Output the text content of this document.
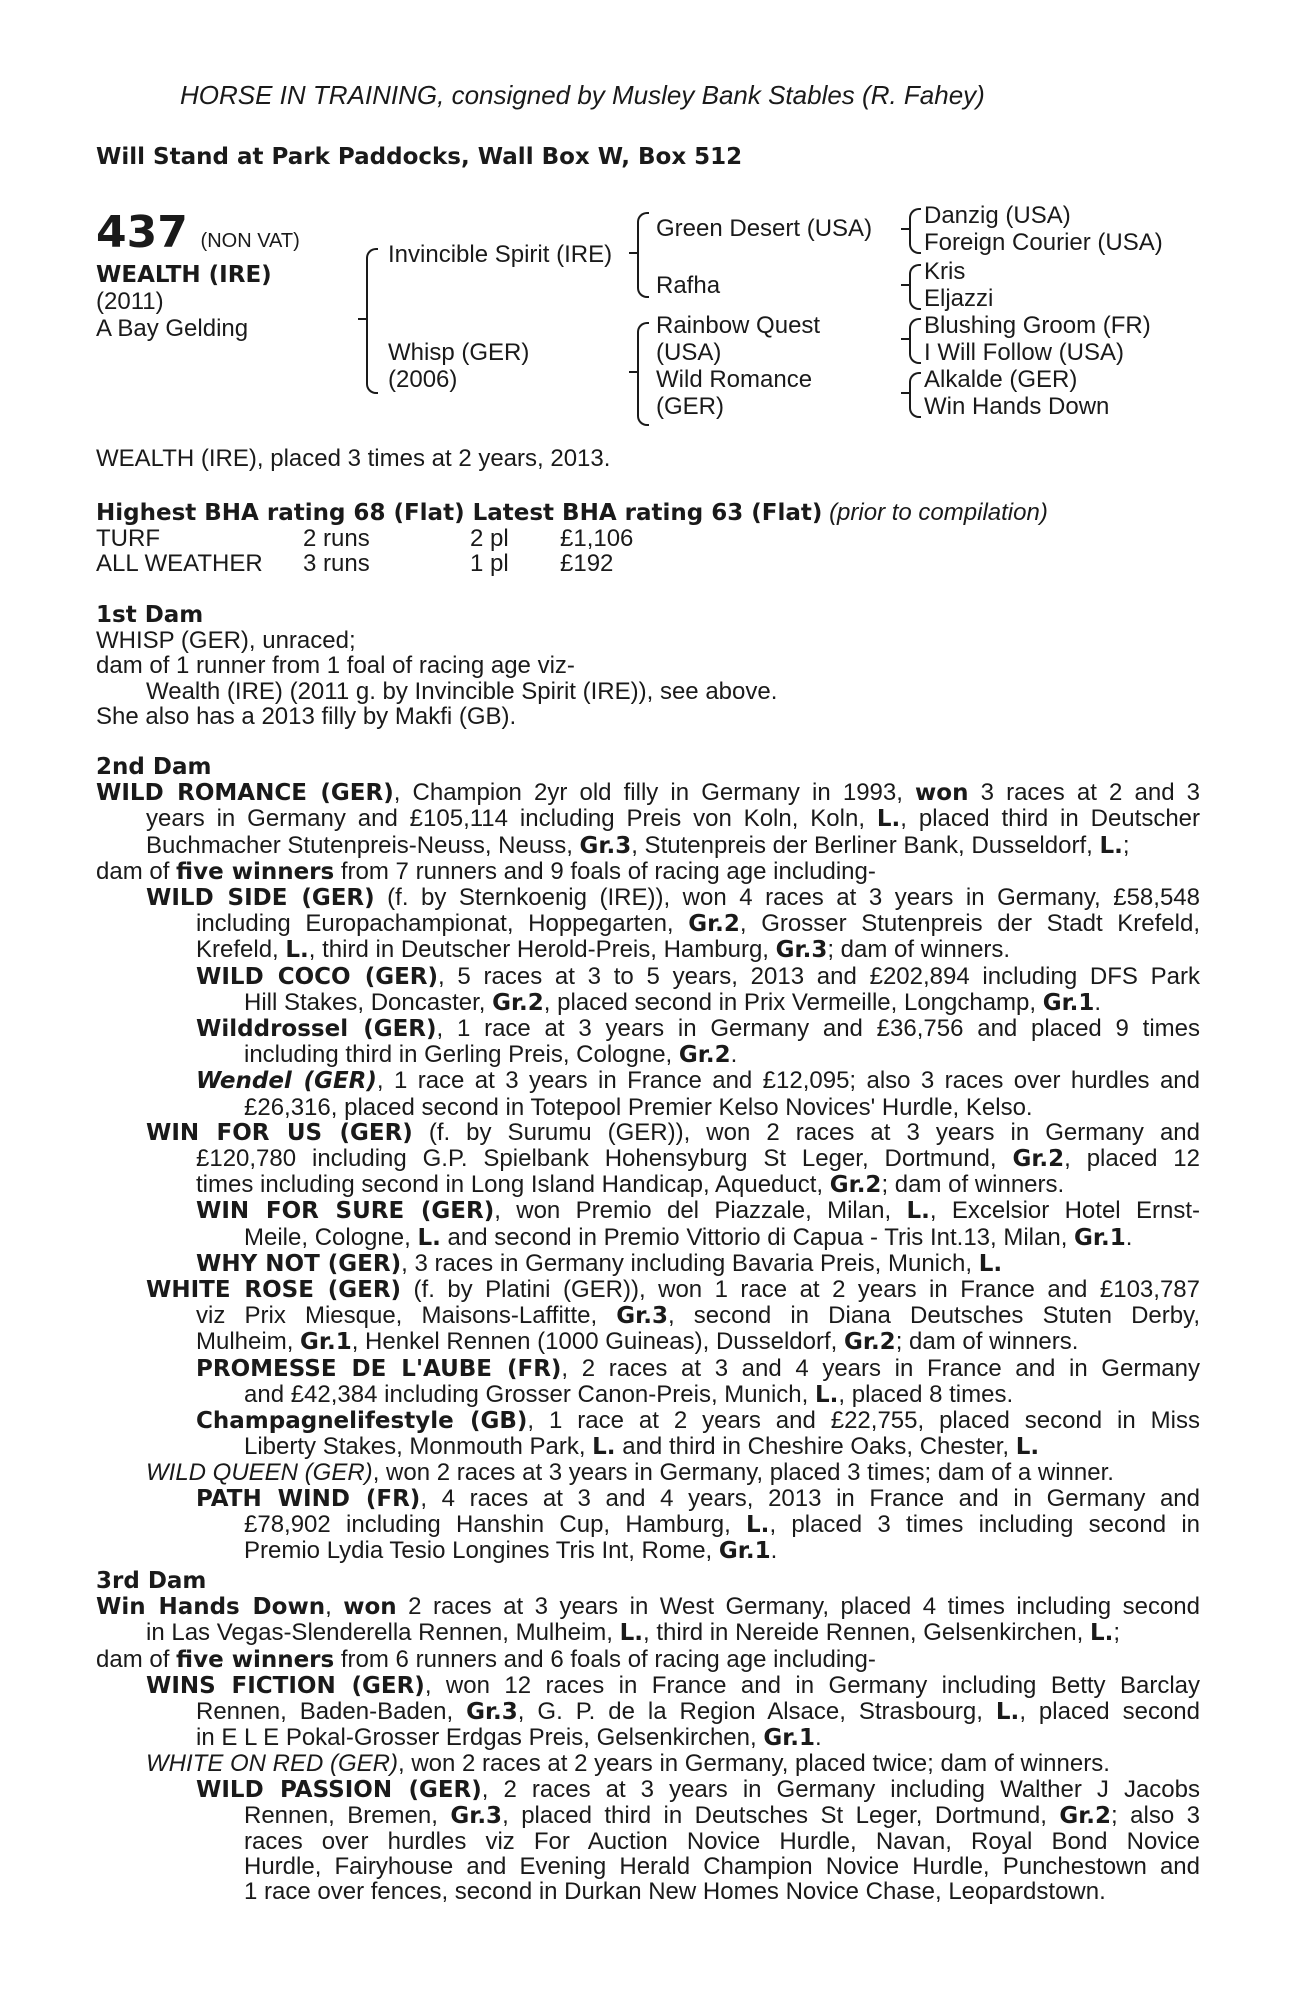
HORSE IN TRAINING, consigned by Musley Bank Stables (R. Fahey)
Will Stand at Park Paddocks, Wall Box W, Box 512
437 (NON VAT)
WEALTH (IRE)
(2011)
A Bay Gelding
Invincible Spirit (IRE)
Whisp (GER)
(2006)
Green Desert (USA)
Rafha
Rainbow Quest
(USA)
Wild Romance
(GER)
Danzig (USA)
Foreign Courier (USA)
Kris
Eljazzi
Blushing Groom (FR)
I Will Follow (USA)
Alkalde (GER)
Win Hands Down
WEALTH (IRE), placed 3 times at 2 years, 2013.
Highest BHA rating 68 (Flat) Latest BHA rating 63 (Flat) (prior to compilation)
TURF	2 runs	2 pl £1,106
ALL WEATHER 3 runs	1 pl £192
1st Dam
WHISP (GER), unraced;
dam of 1 runner from 1 foal of racing age viz-
Wealth (IRE) (2011 g. by Invincible Spirit (IRE)), see above.
She also has a 2013 filly by Makfi (GB).
2nd Dam
WILD ROMANCE (GER), Champion 2yr old filly in Germany in 1993, won 3 races at 2 and 3
years in Germany and £105,114 including Preis von Koln, Koln, L., placed third in Deutscher
Buchmacher Stutenpreis-Neuss, Neuss, Gr.3, Stutenpreis der Berliner Bank, Dusseldorf, L.;
dam of five winners from 7 runners and 9 foals of racing age including-
WILD SIDE (GER) (f. by Sternkoenig (IRE)), won 4 races at 3 years in Germany, £58,548
including Europachampionat, Hoppegarten, Gr.2, Grosser Stutenpreis der Stadt Krefeld,
Krefeld, L., third in Deutscher Herold-Preis, Hamburg, Gr.3; dam of winners.
WILD COCO (GER), 5 races at 3 to 5 years, 2013 and £202,894 including DFS Park
Hill Stakes, Doncaster, Gr.2, placed second in Prix Vermeille, Longchamp, Gr.1.
Wilddrossel (GER), 1 race at 3 years in Germany and £36,756 and placed 9 times
including third in Gerling Preis, Cologne, Gr.2.
Wendel (GER), 1 race at 3 years in France and £12,095; also 3 races over hurdles and
£26,316, placed second in Totepool Premier Kelso Novices' Hurdle, Kelso.
WIN FOR US (GER) (f. by Surumu (GER)), won 2 races at 3 years in Germany and
£120,780 including G.P. Spielbank Hohensyburg St Leger, Dortmund, Gr.2, placed 12
times including second in Long Island Handicap, Aqueduct, Gr.2; dam of winners.
WIN FOR SURE (GER), won Premio del Piazzale, Milan, L., Excelsior Hotel Ernst-
Meile, Cologne, L. and second in Premio Vittorio di Capua - Tris Int.13, Milan, Gr.1.
WHY NOT (GER), 3 races in Germany including Bavaria Preis, Munich, L.
WHITE ROSE (GER) (f. by Platini (GER)), won 1 race at 2 years in France and £103,787
viz Prix Miesque, Maisons-Laffitte, Gr.3, second in Diana Deutsches Stuten Derby,
Mulheim, Gr.1, Henkel Rennen (1000 Guineas), Dusseldorf, Gr.2; dam of winners.
PROMESSE DE L'AUBE (FR), 2 races at 3 and 4 years in France and in Germany
and £42,384 including Grosser Canon-Preis, Munich, L., placed 8 times.
Champagnelifestyle (GB), 1 race at 2 years and £22,755, placed second in Miss
Liberty Stakes, Monmouth Park, L. and third in Cheshire Oaks, Chester, L.
WILD QUEEN (GER), won 2 races at 3 years in Germany, placed 3 times; dam of a winner.
PATH WIND (FR), 4 races at 3 and 4 years, 2013 in France and in Germany and
£78,902 including Hanshin Cup, Hamburg, L., placed 3 times including second in
Premio Lydia Tesio Longines Tris Int, Rome, Gr.1.
3rd Dam
Win Hands Down, won 2 races at 3 years in West Germany, placed 4 times including second
in Las Vegas-Slenderella Rennen, Mulheim, L., third in Nereide Rennen, Gelsenkirchen, L.;
dam of five winners from 6 runners and 6 foals of racing age including-
WINS FICTION (GER), won 12 races in France and in Germany including Betty Barclay
Rennen, Baden-Baden, Gr.3, G. P. de la Region Alsace, Strasbourg, L., placed second
in E L E Pokal-Grosser Erdgas Preis, Gelsenkirchen, Gr.1.
WHITE ON RED (GER), won 2 races at 2 years in Germany, placed twice; dam of winners.
WILD PASSION (GER), 2 races at 3 years in Germany including Walther J Jacobs
Rennen, Bremen, Gr.3, placed third in Deutsches St Leger, Dortmund, Gr.2; also 3
races over hurdles viz For Auction Novice Hurdle, Navan, Royal Bond Novice
Hurdle, Fairyhouse and Evening Herald Champion Novice Hurdle, Punchestown and
1 race over fences, second in Durkan New Homes Novice Chase, Leopardstown.
